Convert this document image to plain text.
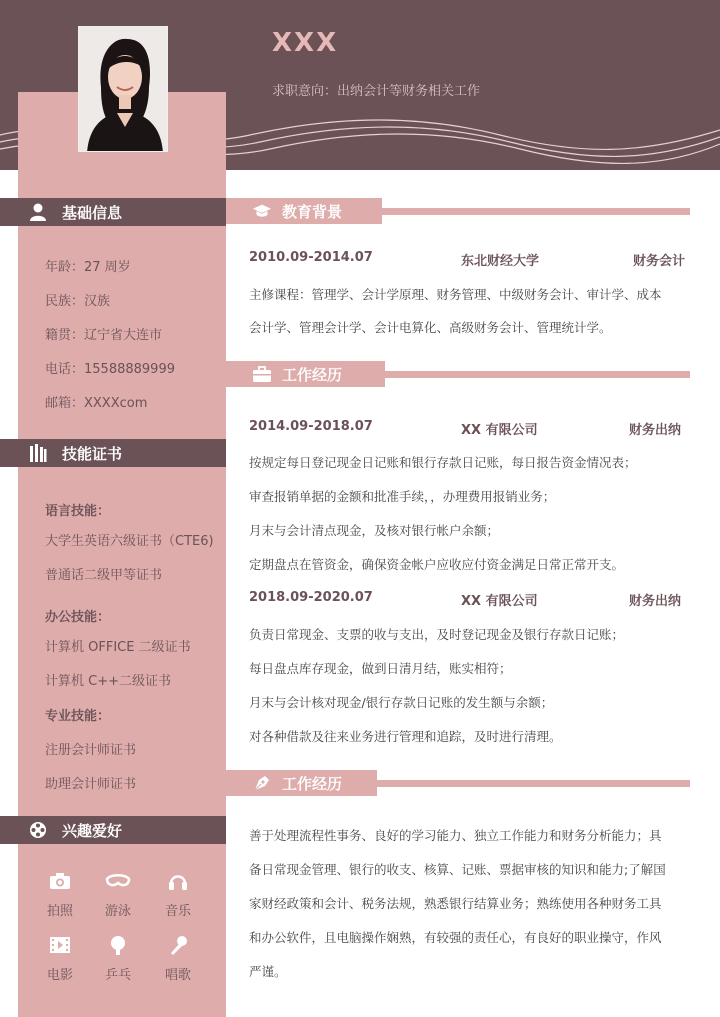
XXX
求职意向：出纳会计等财务相关工作
基础信息
年龄：27 周岁
民族：汉族
籍贯：辽宁省大连市
电话：15588889999
邮箱：XXXXcom
技能证书
语言技能：
大学生英语六级证书（CTE6)
普通话二级甲等证书
办公技能：
计算机 OFFICE 二级证书
计算机 C++二级证书
专业技能：
注册会计师证书
助理会计师证书
兴趣爱好
拍照	游泳	音乐
电影	乒乓	唱歌
教育背景
2010.09-2014.07	东北财经大学	财务会计
主修课程：管理学、会计学原理、财务管理、中级财务会计、审计学、成本
会计学、管理会计学、会计电算化、高级财务会计、管理统计学。
工作经历
2014.09-2018.07	XX 有限公司	财务出纳
按规定每日登记现金日记账和银行存款日记账，每日报告资金情况表；
审查报销单据的金额和批准手续，，办理费用报销业务；
月末与会计清点现金，及核对银行帐户余额；
定期盘点在管资金，确保资金帐户应收应付资金满足日常正常开支。
2018.09-2020.07	XX 有限公司	财务出纳
负责日常现金、支票的收与支出，及时登记现金及银行存款日记账；
每日盘点库存现金，做到日清月结，账实相符；
月末与会计核对现金/银行存款日记账的发生额与余额；
对各种借款及往来业务进行管理和追踪，及时进行清理。
工作经历
善于处理流程性事务、良好的学习能力、独立工作能力和财务分析能力；具
备日常现金管理、银行的收支、核算、记账、票据审核的知识和能力;了解国
家财经政策和会计、税务法规，熟悉银行结算业务；熟练使用各种财务工具
和办公软件，且电脑操作娴熟，有较强的责任心，有良好的职业操守，作风
严谨。
